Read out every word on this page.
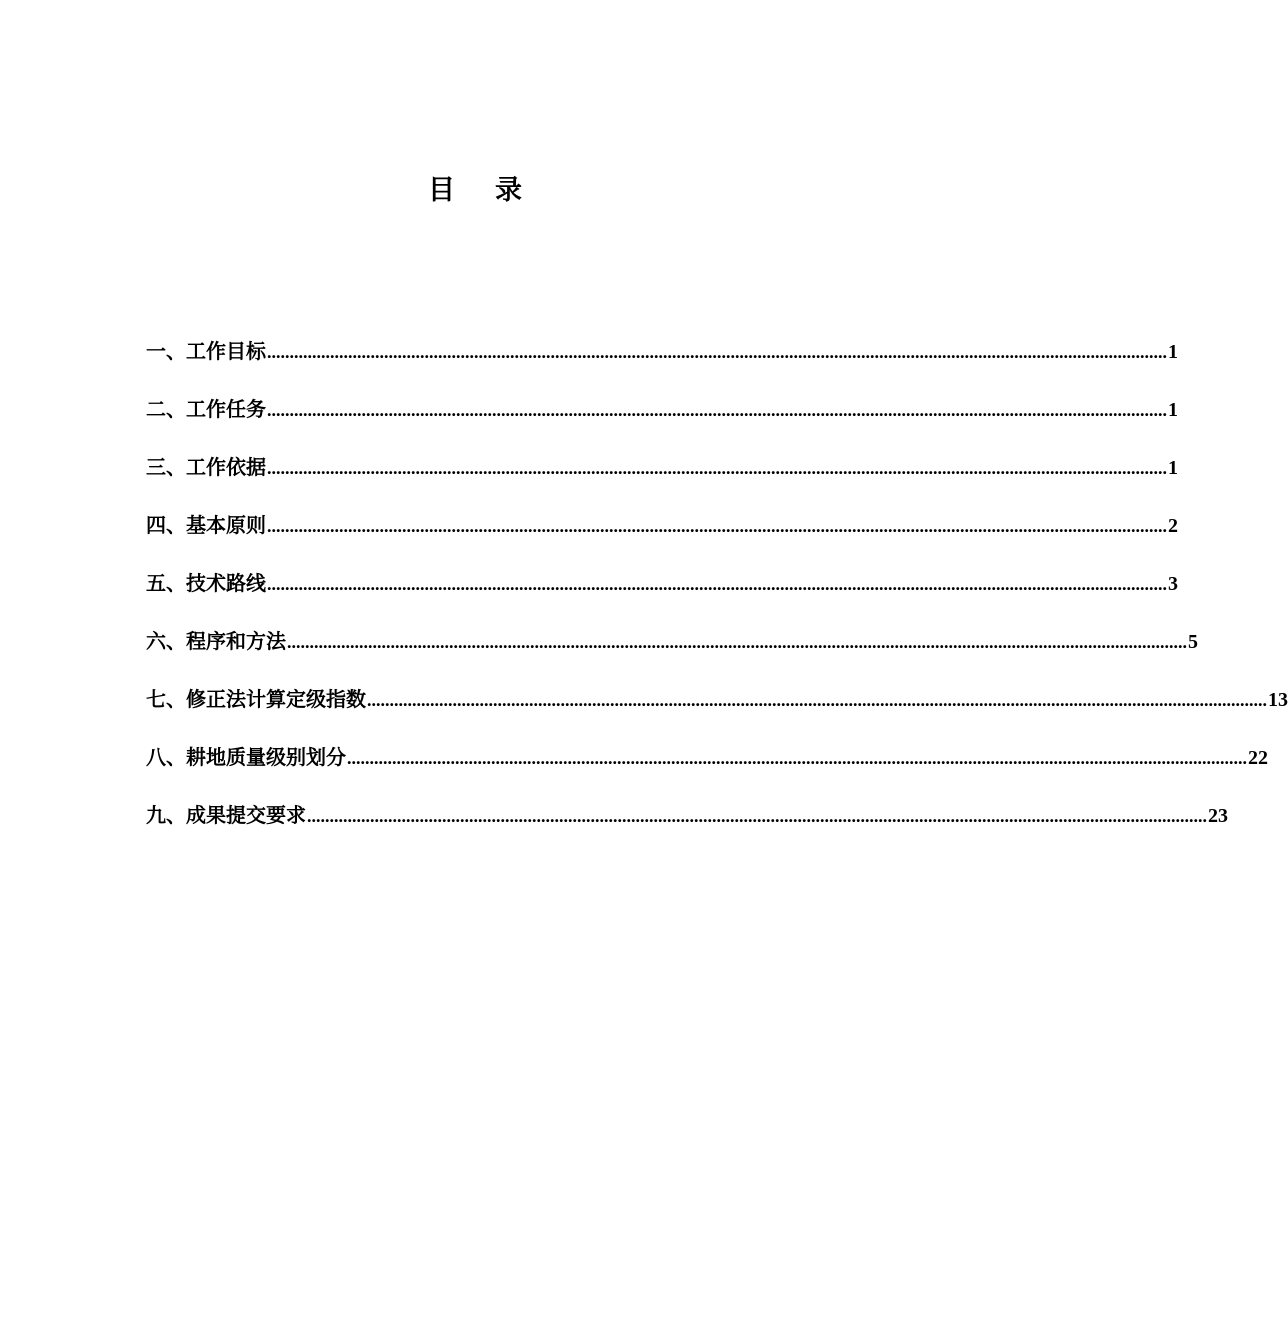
目 录
一、工作目标 ........................................................................................................................................................................................................ 1
二、工作任务 ........................................................................................................................................................................................................ 1
三、工作依据 ........................................................................................................................................................................................................ 1
四、基本原则 ........................................................................................................................................................................................................ 2
五、技术路线 ........................................................................................................................................................................................................ 3
六、程序和方法 ........................................................................................................................................................................................................ 5
七、修正法计算定级指数 ........................................................................................................................................................................................................ 13
八、耕地质量级别划分 ........................................................................................................................................................................................................ 22
九、成果提交要求 ........................................................................................................................................................................................................ 23
